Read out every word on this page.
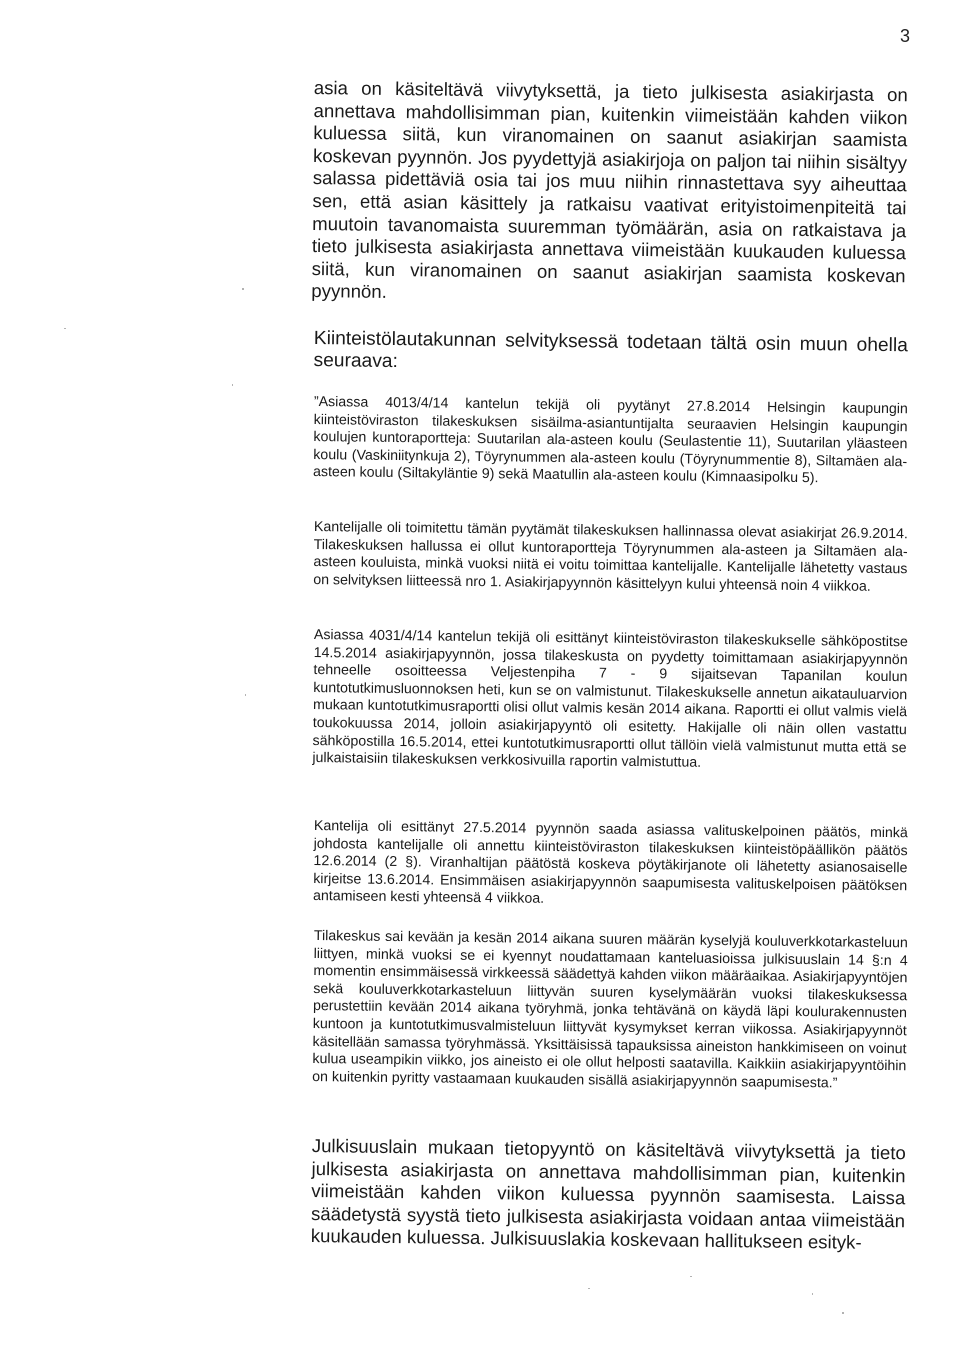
3

asia on käsiteltävä viivytyksettä, ja tieto julkisesta asiakirjasta on annettava mahdollisimman pian, kuitenkin viimeistään kahden viikon kuluessa siitä, kun viranomainen on saanut asiakirjan saamista koskevan pyynnön. Jos pyydettyjä asiakirjoja on paljon tai niihin sisältyy salassa pidettäviä osia tai jos muu niihin rinnastettava syy aiheuttaa sen, että asian käsittely ja ratkaisu vaativat erityistoimenpiteitä tai muutoin tavanomaista suuremman työmäärän, asia on ratkaistava ja tieto julkisesta asiakirjasta annettava viimeistään kuukauden kuluessa siitä, kun viranomainen on saanut asiakirjan saamista koskevan pyynnön.

Kiinteistölautakunnan selvityksessä todetaan tältä osin muun ohella seuraava:

”Asiassa 4013/4/14 kantelun tekijä oli pyytänyt 27.8.2014 Helsingin kaupungin kiinteistöviraston tilakeskuksen sisäilma-asiantuntijalta seuraavien Helsingin kaupungin koulujen kuntoraportteja: Suutarilan ala-asteen koulu (Seulastentie 11), Suutarilan yläasteen koulu (Vaskiniitynkuja 2), Töyrynummen ala-asteen koulu (Töyrynummentie 8), Siltamäen ala-asteen koulu (Siltakyläntie 9) sekä Maatullin ala-asteen koulu (Kimnaasipolku 5).

Kantelijalle oli toimitettu tämän pyytämät tilakeskuksen hallinnassa olevat asiakirjat 26.9.2014. Tilakeskuksen hallussa ei ollut kuntoraportteja Töyrynummen ala-asteen ja Siltamäen ala-asteen kouluista, minkä vuoksi niitä ei voitu toimittaa kantelijalle. Kantelijalle lähetetty vastaus on selvityksen liitteessä nro 1. Asiakirjapyynnön käsittelyyn kului yhteensä noin 4 viikkoa.

Asiassa 4031/4/14 kantelun tekijä oli esittänyt kiinteistöviraston tilakeskukselle sähköpostitse 14.5.2014 asiakirjapyynnön, jossa tilakeskusta on pyydetty toimittamaan asiakirjapyynnön tehneelle osoitteessa Veljestenpiha 7 - 9 sijaitsevan Tapanilan koulun kuntotutkimusluonnoksen heti, kun se on valmistunut. Tilakeskukselle annetun aikatauluarvion mukaan kuntotutkimusraportti olisi ollut valmis kesän 2014 aikana. Raportti ei ollut valmis vielä toukokuussa 2014, jolloin asiakirjapyyntö oli esitetty. Hakijalle oli näin ollen vastattu sähköpostilla 16.5.2014, ettei kuntotutkimusraportti ollut tällöin vielä valmistunut mutta että se julkaistaisiin tilakeskuksen verkkosivuilla raportin valmistuttua.

Kantelija oli esittänyt 27.5.2014 pyynnön saada asiassa valituskelpoinen päätös, minkä johdosta kantelijalle oli annettu kiinteistöviraston tilakeskuksen kiinteistöpäällikön päätös 12.6.2014 (2 §). Viranhaltijan päätöstä koskeva pöytäkirjanote oli lähetetty asianosaiselle kirjeitse 13.6.2014. Ensimmäisen asiakirjapyynnön saapumisesta valituskelpoisen päätöksen antamiseen kesti yhteensä 4 viikkoa.

Tilakeskus sai kevään ja kesän 2014 aikana suuren määrän kyselyjä kouluverkkotarkasteluun liittyen, minkä vuoksi se ei kyennyt noudattamaan kanteluasioissa julkisuuslain 14 §:n 4 momentin ensimmäisessä virkkeessä säädettyä kahden viikon määräaikaa. Asiakirjapyyntöjen sekä kouluverkkotarkasteluun liittyvän suuren kyselymäärän vuoksi tilakeskuksessa perustettiin kevään 2014 aikana työryhmä, jonka tehtävänä on käydä läpi koulurakennusten kuntoon ja kuntotutkimusvalmisteluun liittyvät kysymykset kerran viikossa. Asiakirjapyynnöt käsitellään samassa työryhmässä. Yksittäisissä tapauksissa aineiston hankkimiseen on voinut kulua useampikin viikko, jos aineisto ei ole ollut helposti saatavilla. Kaikkiin asiakirjapyyntöihin on kuitenkin pyritty vastaamaan kuukauden sisällä asiakirjapyynnön saapumisesta.”

Julkisuuslain mukaan tietopyyntö on käsiteltävä viivytyksettä ja tieto julkisesta asiakirjasta on annettava mahdollisimman pian, kuitenkin viimeistään kahden viikon kuluessa pyynnön saamisesta. Laissa säädetystä syystä tieto julkisesta asiakirjasta voidaan antaa viimeistään kuukauden kuluessa. Julkisuuslakia koskevaan hallitukseen esityk-
